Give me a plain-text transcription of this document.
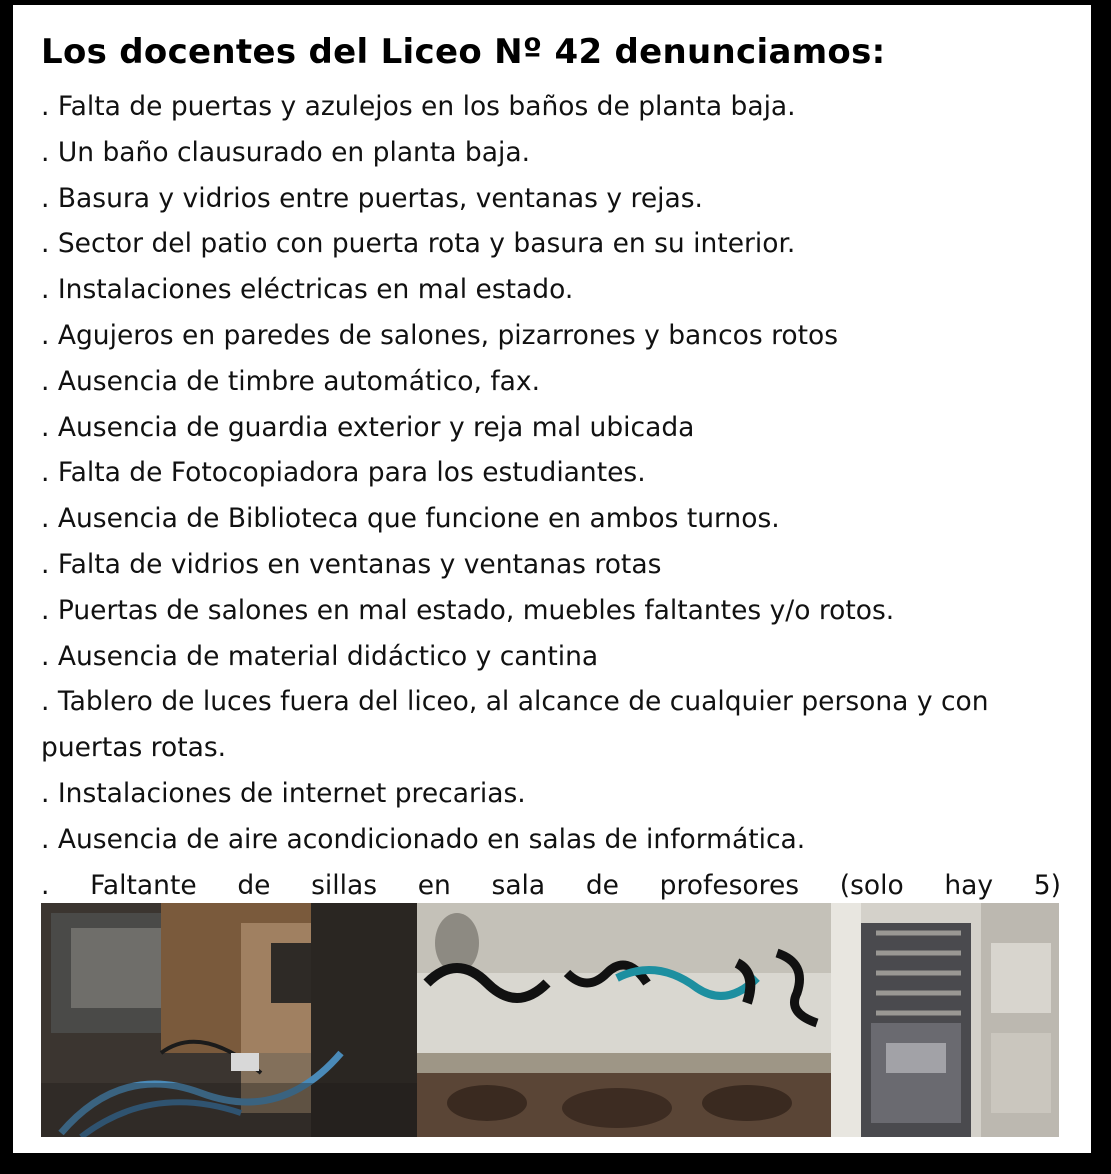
Los docentes del Liceo Nº 42 denunciamos:
. Falta de puertas y azulejos en los baños de planta baja.
. Un baño clausurado en planta baja.
. Basura y vidrios entre puertas, ventanas y rejas.
. Sector del patio con puerta rota y basura en su interior.
. Instalaciones eléctricas en mal estado.
. Agujeros en paredes de salones, pizarrones y bancos rotos
. Ausencia de timbre automático, fax.
. Ausencia de guardia exterior y reja mal ubicada
. Falta de Fotocopiadora para los estudiantes.
. Ausencia de Biblioteca que funcione en ambos turnos.
. Falta de vidrios en ventanas y ventanas rotas
. Puertas de salones en mal estado, muebles faltantes y/o rotos.
. Ausencia de material didáctico y cantina
. Tablero de luces fuera del liceo, al alcance de cualquier persona y con puertas rotas.
. Instalaciones de internet precarias.
. Ausencia de aire acondicionado en salas de informática.
. Faltante de sillas en sala de profesores (solo hay 5)
